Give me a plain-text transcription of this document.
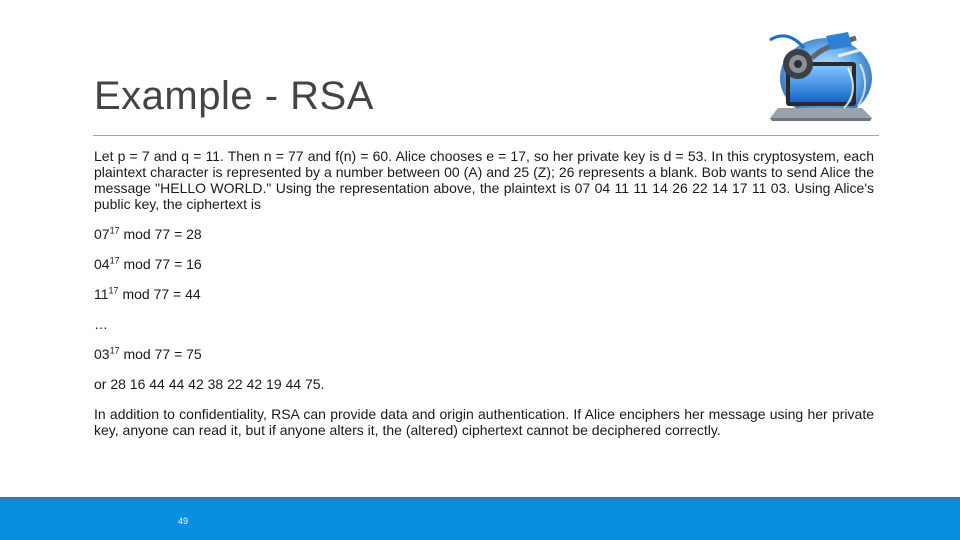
Example - RSA

Let p = 7 and q = 11. Then n = 77 and f(n) = 60. Alice chooses e = 17, so her private key is d = 53. In this cryptosystem, each plaintext character is represented by a number between 00 (A) and 25 (Z); 26 represents a blank. Bob wants to send Alice the message "HELLO WORLD." Using the representation above, the plaintext is 07 04 11 11 14 26 22 14 17 11 03. Using Alice's public key, the ciphertext is

$07^{17}$ mod 77 = 28

$04^{17}$ mod 77 = 16

$11^{17}$ mod 77 = 44

…

$03^{17}$ mod 77 = 75

or 28 16 44 44 42 38 22 42 19 44 75.

In addition to confidentiality, RSA can provide data and origin authentication. If Alice enciphers her message using her private key, anyone can read it, but if anyone alters it, the (altered) ciphertext cannot be deciphered correctly.

49
